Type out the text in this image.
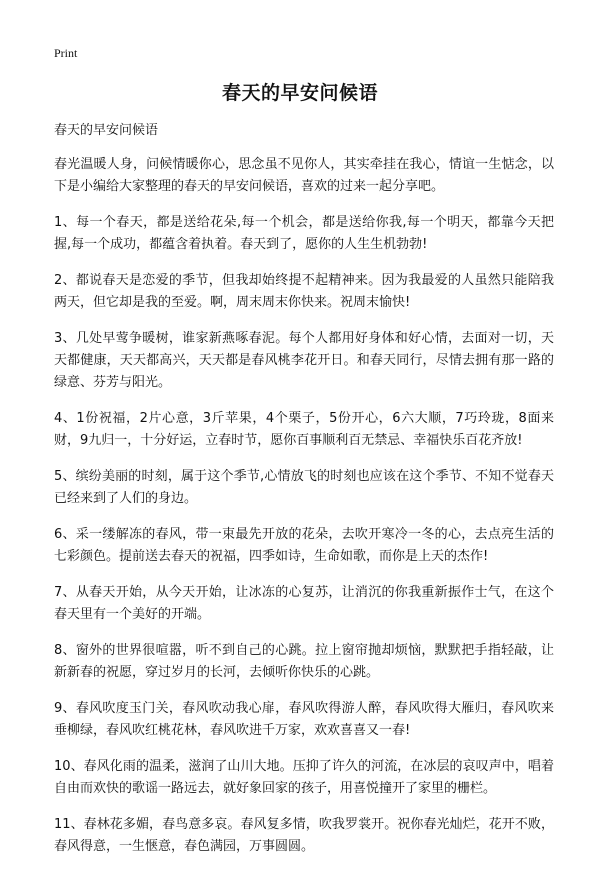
Print
春天的早安问候语

春天的早安问候语

春光温暖人身，问候情暖你心，思念虽不见你人，其实牵挂在我心，情谊一生惦念，以下是小编给大家整理的春天的早安问候语，喜欢的过来一起分享吧。

1、每一个春天，都是送给花朵,每一个机会，都是送给你我,每一个明天，都靠今天把握,每一个成功，都蕴含着执着。春天到了，愿你的人生生机勃勃!

2、都说春天是恋爱的季节，但我却始终提不起精神来。因为我最爱的人虽然只能陪我两天，但它却是我的至爱。啊，周末周末你快来。祝周末愉快!

3、几处早莺争暖树，谁家新燕啄春泥。每个人都用好身体和好心情，去面对一切，天天都健康，天天都高兴，天天都是春风桃李花开日。和春天同行，尽情去拥有那一路的绿意、芬芳与阳光。

4、1份祝福，2片心意，3斤苹果，4个栗子，5份开心，6六大顺，7巧玲珑，8面来财，9九归一，十分好运，立春时节，愿你百事顺利百无禁忌、幸福快乐百花齐放!

5、缤纷美丽的时刻，属于这个季节,心情放飞的时刻也应该在这个季节、不知不觉春天已经来到了人们的身边。

6、采一缕解冻的春风，带一束最先开放的花朵，去吹开寒冷一冬的心，去点亮生活的七彩颜色。提前送去春天的祝福，四季如诗，生命如歌，而你是上天的杰作!

7、从春天开始，从今天开始，让冰冻的心复苏，让消沉的你我重新振作士气，在这个春天里有一个美好的开端。

8、窗外的世界很喧嚣，听不到自己的心跳。拉上窗帘抛却烦恼，默默把手指轻敲，让新新春的祝愿，穿过岁月的长河，去倾听你快乐的心跳。

9、春风吹度玉门关，春风吹动我心扉，春风吹得游人醉，春风吹得大雁归，春风吹来垂柳绿，春风吹红桃花林，春风吹进千万家，欢欢喜喜又一春!

10、春风化雨的温柔，滋润了山川大地。压抑了许久的河流，在冰层的哀叹声中，唱着自由而欢快的歌谣一路远去，就好象回家的孩子，用喜悦撞开了家里的栅栏。

11、春林花多媚，春鸟意多哀。春风复多情，吹我罗裳开。祝你春光灿烂，花开不败，春风得意，一生惬意，春色满园，万事圆圆。
